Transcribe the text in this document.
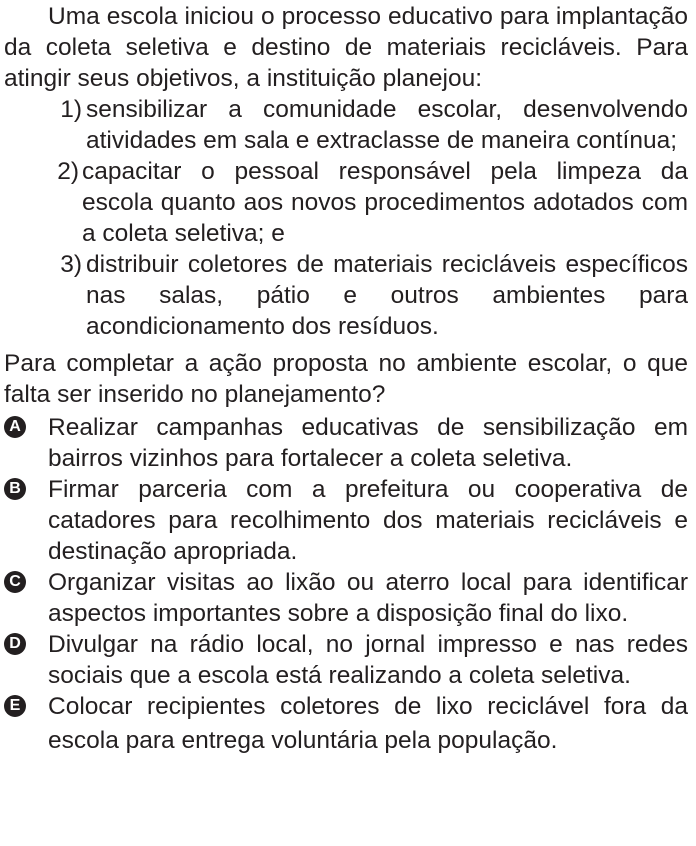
Uma escola iniciou o processo educativo para implantação da coleta seletiva e destino de materiais recicláveis. Para atingir seus objetivos, a instituição planejou:

1) sensibilizar a comunidade escolar, desenvolvendo atividades em sala e extraclasse de maneira contínua;
2) capacitar o pessoal responsável pela limpeza da escola quanto aos novos procedimentos adotados com a coleta seletiva; e
3) distribuir coletores de materiais recicláveis específicos nas salas, pátio e outros ambientes para acondicionamento dos resíduos.

Para completar a ação proposta no ambiente escolar, o que falta ser inserido no planejamento?

A Realizar campanhas educativas de sensibilização em bairros vizinhos para fortalecer a coleta seletiva.
B Firmar parceria com a prefeitura ou cooperativa de catadores para recolhimento dos materiais recicláveis e destinação apropriada.
C Organizar visitas ao lixão ou aterro local para identificar aspectos importantes sobre a disposição final do lixo.
D Divulgar na rádio local, no jornal impresso e nas redes sociais que a escola está realizando a coleta seletiva.
E Colocar recipientes coletores de lixo reciclável fora da escola para entrega voluntária pela população.
